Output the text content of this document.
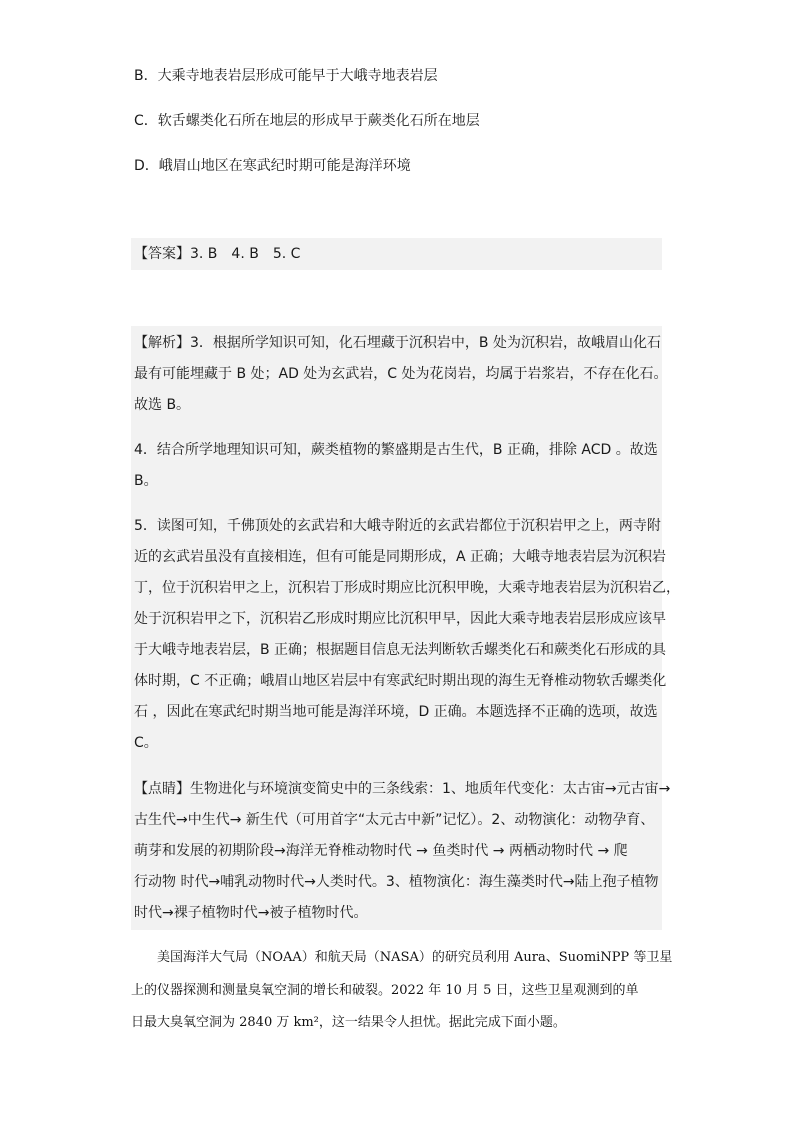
B．大乘寺地表岩层形成可能早于大峨寺地表岩层
C．软舌螺类化石所在地层的形成早于蕨类化石所在地层
D．峨眉山地区在寒武纪时期可能是海洋环境
【答案】3. B　4. B　5. C
【解析】3．根据所学知识可知，化石埋藏于沉积岩中，B 处为沉积岩，故峨眉山化石
最有可能埋藏于 B 处；AD 处为玄武岩，C 处为花岗岩，均属于岩浆岩，不存在化石。
故选 B。
4．结合所学地理知识可知，蕨类植物的繁盛期是古生代，B 正确，排除 ACD 。故选
B。
5．读图可知，千佛顶处的玄武岩和大峨寺附近的玄武岩都位于沉积岩甲之上，两寺附
近的玄武岩虽没有直接相连，但有可能是同期形成，A 正确；大峨寺地表岩层为沉积岩
丁，位于沉积岩甲之上，沉积岩丁形成时期应比沉积甲晚，大乘寺地表岩层为沉积岩乙，
处于沉积岩甲之下，沉积岩乙形成时期应比沉积甲早，因此大乘寺地表岩层形成应该早
于大峨寺地表岩层，B 正确；根据题目信息无法判断软舌螺类化石和蕨类化石形成的具
体时期，C 不正确；峨眉山地区岩层中有寒武纪时期出现的海生无脊椎动物软舌螺类化
石 ，因此在寒武纪时期当地可能是海洋环境，D 正确。本题选择不正确的选项，故选
C。
【点睛】生物进化与环境演变简史中的三条线索：1、地质年代变化：太古宙→元古宙→
古生代→中生代→ 新生代（可用首字“太元古中新”记忆）。2、动物演化：动物孕育、
萌芽和发展的初期阶段→海洋无脊椎动物时代 → 鱼类时代 → 两栖动物时代 → 爬
行动物 时代→哺乳动物时代→人类时代。3、植物演化：海生藻类时代→陆上孢子植物
时代→裸子植物时代→被子植物时代。
　　美国海洋大气局（NOAA）和航天局（NASA）的研究员利用 Aura、SuomiNPP 等卫星
上的仪器探测和测量臭氧空洞的增长和破裂。2022 年 10 月 5 日，这些卫星观测到的单
日最大臭氧空洞为 2840 万 km²，这一结果令人担忧。据此完成下面小题。
